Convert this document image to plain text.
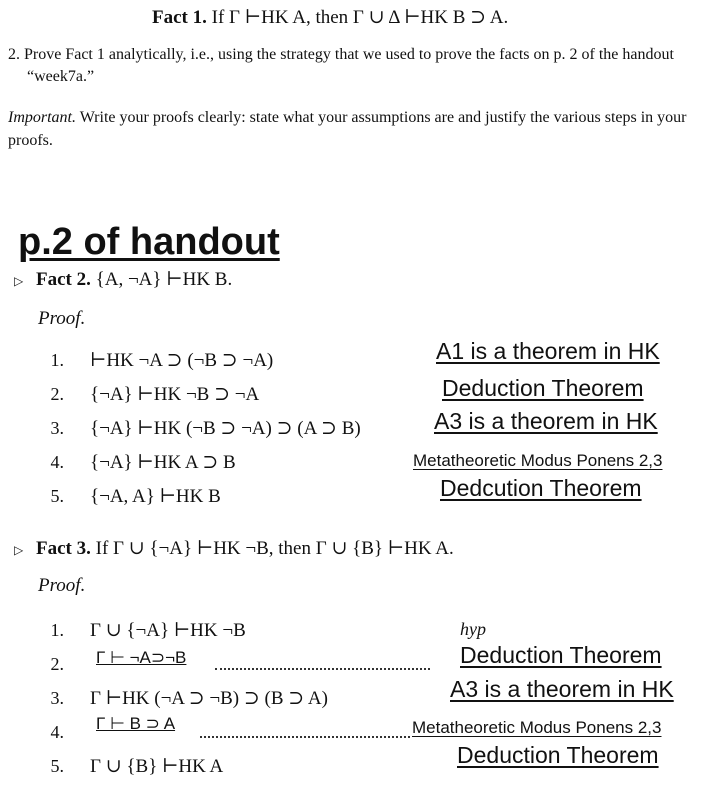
Fact 1. If Γ ⊢HK A, then Γ ∪ Δ ⊢HK B ⊃ A.
2. Prove Fact 1 analytically, i.e., using the strategy that we used to prove the facts on p. 2 of the handout “week7a.”
Important. Write your proofs clearly: state what your assumptions are and justify the various steps in your proofs.
p.2 of handout
▷ Fact 2. {A, ¬A} ⊢HK B.
Proof.
1. ⊢HK ¬A ⊃ (¬B ⊃ ¬A)	A1 is a theorem in HK
2. {¬A} ⊢HK ¬B ⊃ ¬A	Deduction Theorem
3. {¬A} ⊢HK (¬B ⊃ ¬A) ⊃ (A ⊃ B)	A3 is a theorem in HK
4. {¬A} ⊢HK A ⊃ B	Metatheoretic Modus Ponens 2,3
5. {¬A, A} ⊢HK B	Dedcution Theorem
▷ Fact 3. If Γ ∪ {¬A} ⊢HK ¬B, then Γ ∪ {B} ⊢HK A.
Proof.
1. Γ ∪ {¬A} ⊢HK ¬B	hyp
2. Γ ⊢ ¬A⊃¬B	Deduction Theorem
3. Γ ⊢HK (¬A ⊃ ¬B) ⊃ (B ⊃ A)	A3 is a theorem in HK
4. Γ ⊢ B ⊃ A	Metatheoretic Modus Ponens 2,3
5. Γ ∪ {B} ⊢HK A	Deduction Theorem
